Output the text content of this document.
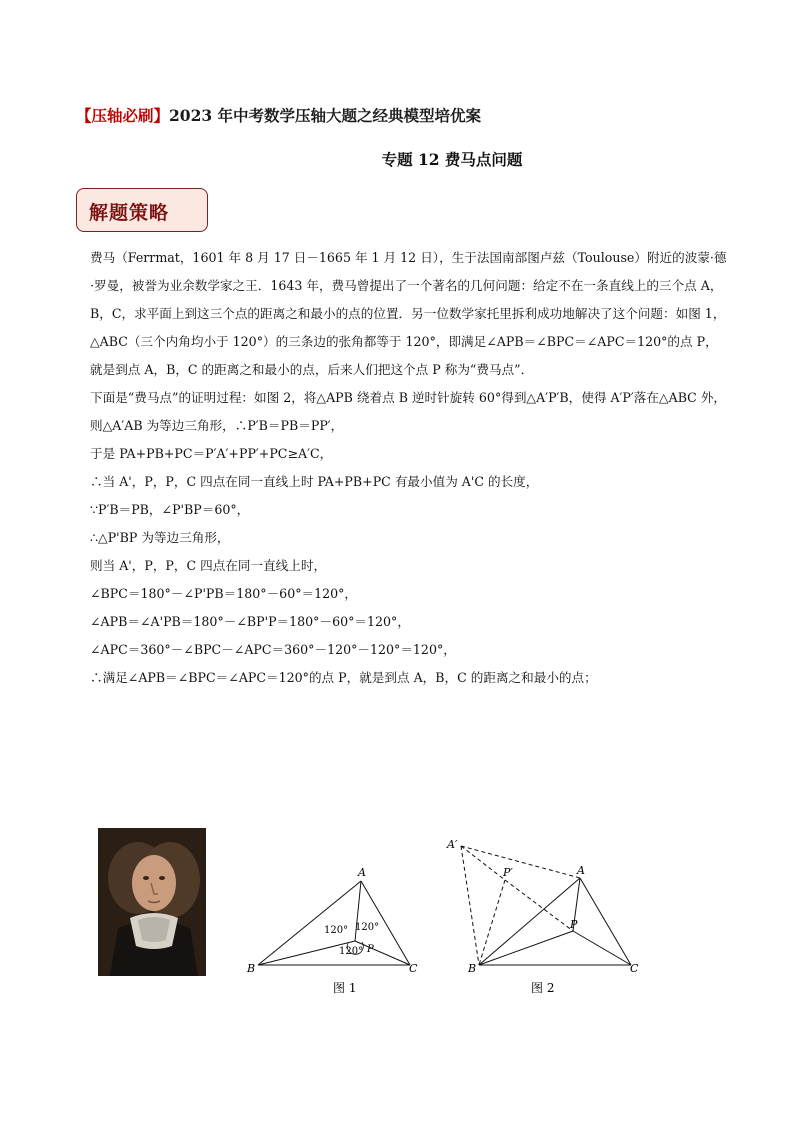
【压轴必刷】2023 年中考数学压轴大题之经典模型培优案
专题 12 费马点问题
解题策略

费马（Ferrmat，1601 年 8 月 17 日－1665 年 1 月 12 日），生于法国南部图卢兹（Toulouse）附近的波蒙·德·罗曼，被誉为业余数学家之王．1643 年，费马曾提出了一个著名的几何问题：给定不在一条直线上的三个点 A，B，C，求平面上到这三个点的距离之和最小的点的位置．另一位数学家托里拆利成功地解决了这个问题：如图 1，△ABC（三个内角均小于 120°）的三条边的张角都等于 120°，即满足∠APB＝∠BPC＝∠APC＝120°的点 P，就是到点 A，B，C 的距离之和最小的点，后来人们把这个点 P 称为“费马点”．

下面是“费马点”的证明过程：如图 2，将△APB 绕着点 B 逆时针旋转 60°得到△A′P′B，使得 A′P′落在△ABC 外，则△A′AB 为等边三角形，∴P′B＝PB＝PP′，

于是 PA+PB+PC＝P′A′+PP′+PC≥A′C，

∴当 A'，P，P，C 四点在同一直线上时 PA+PB+PC 有最小值为 A'C 的长度，

∵P′B＝PB，∠P'BP＝60°，

∴△P'BP 为等边三角形，

则当 A'，P，P，C 四点在同一直线上时，

∠BPC＝180°－∠P'PB＝180°－60°＝120°，

∠APB＝∠A'PB＝180°－∠BP'P＝180°－60°＝120°，

∠APC＝360°－∠BPC－∠APC＝360°－120°－120°＝120°，

∴满足∠APB＝∠BPC＝∠APC＝120°的点 P，就是到点 A，B，C 的距离之和最小的点；

A
B	C
P
120° 120°
120°
图 1
A′
P′	A
P
B	C
图 2
